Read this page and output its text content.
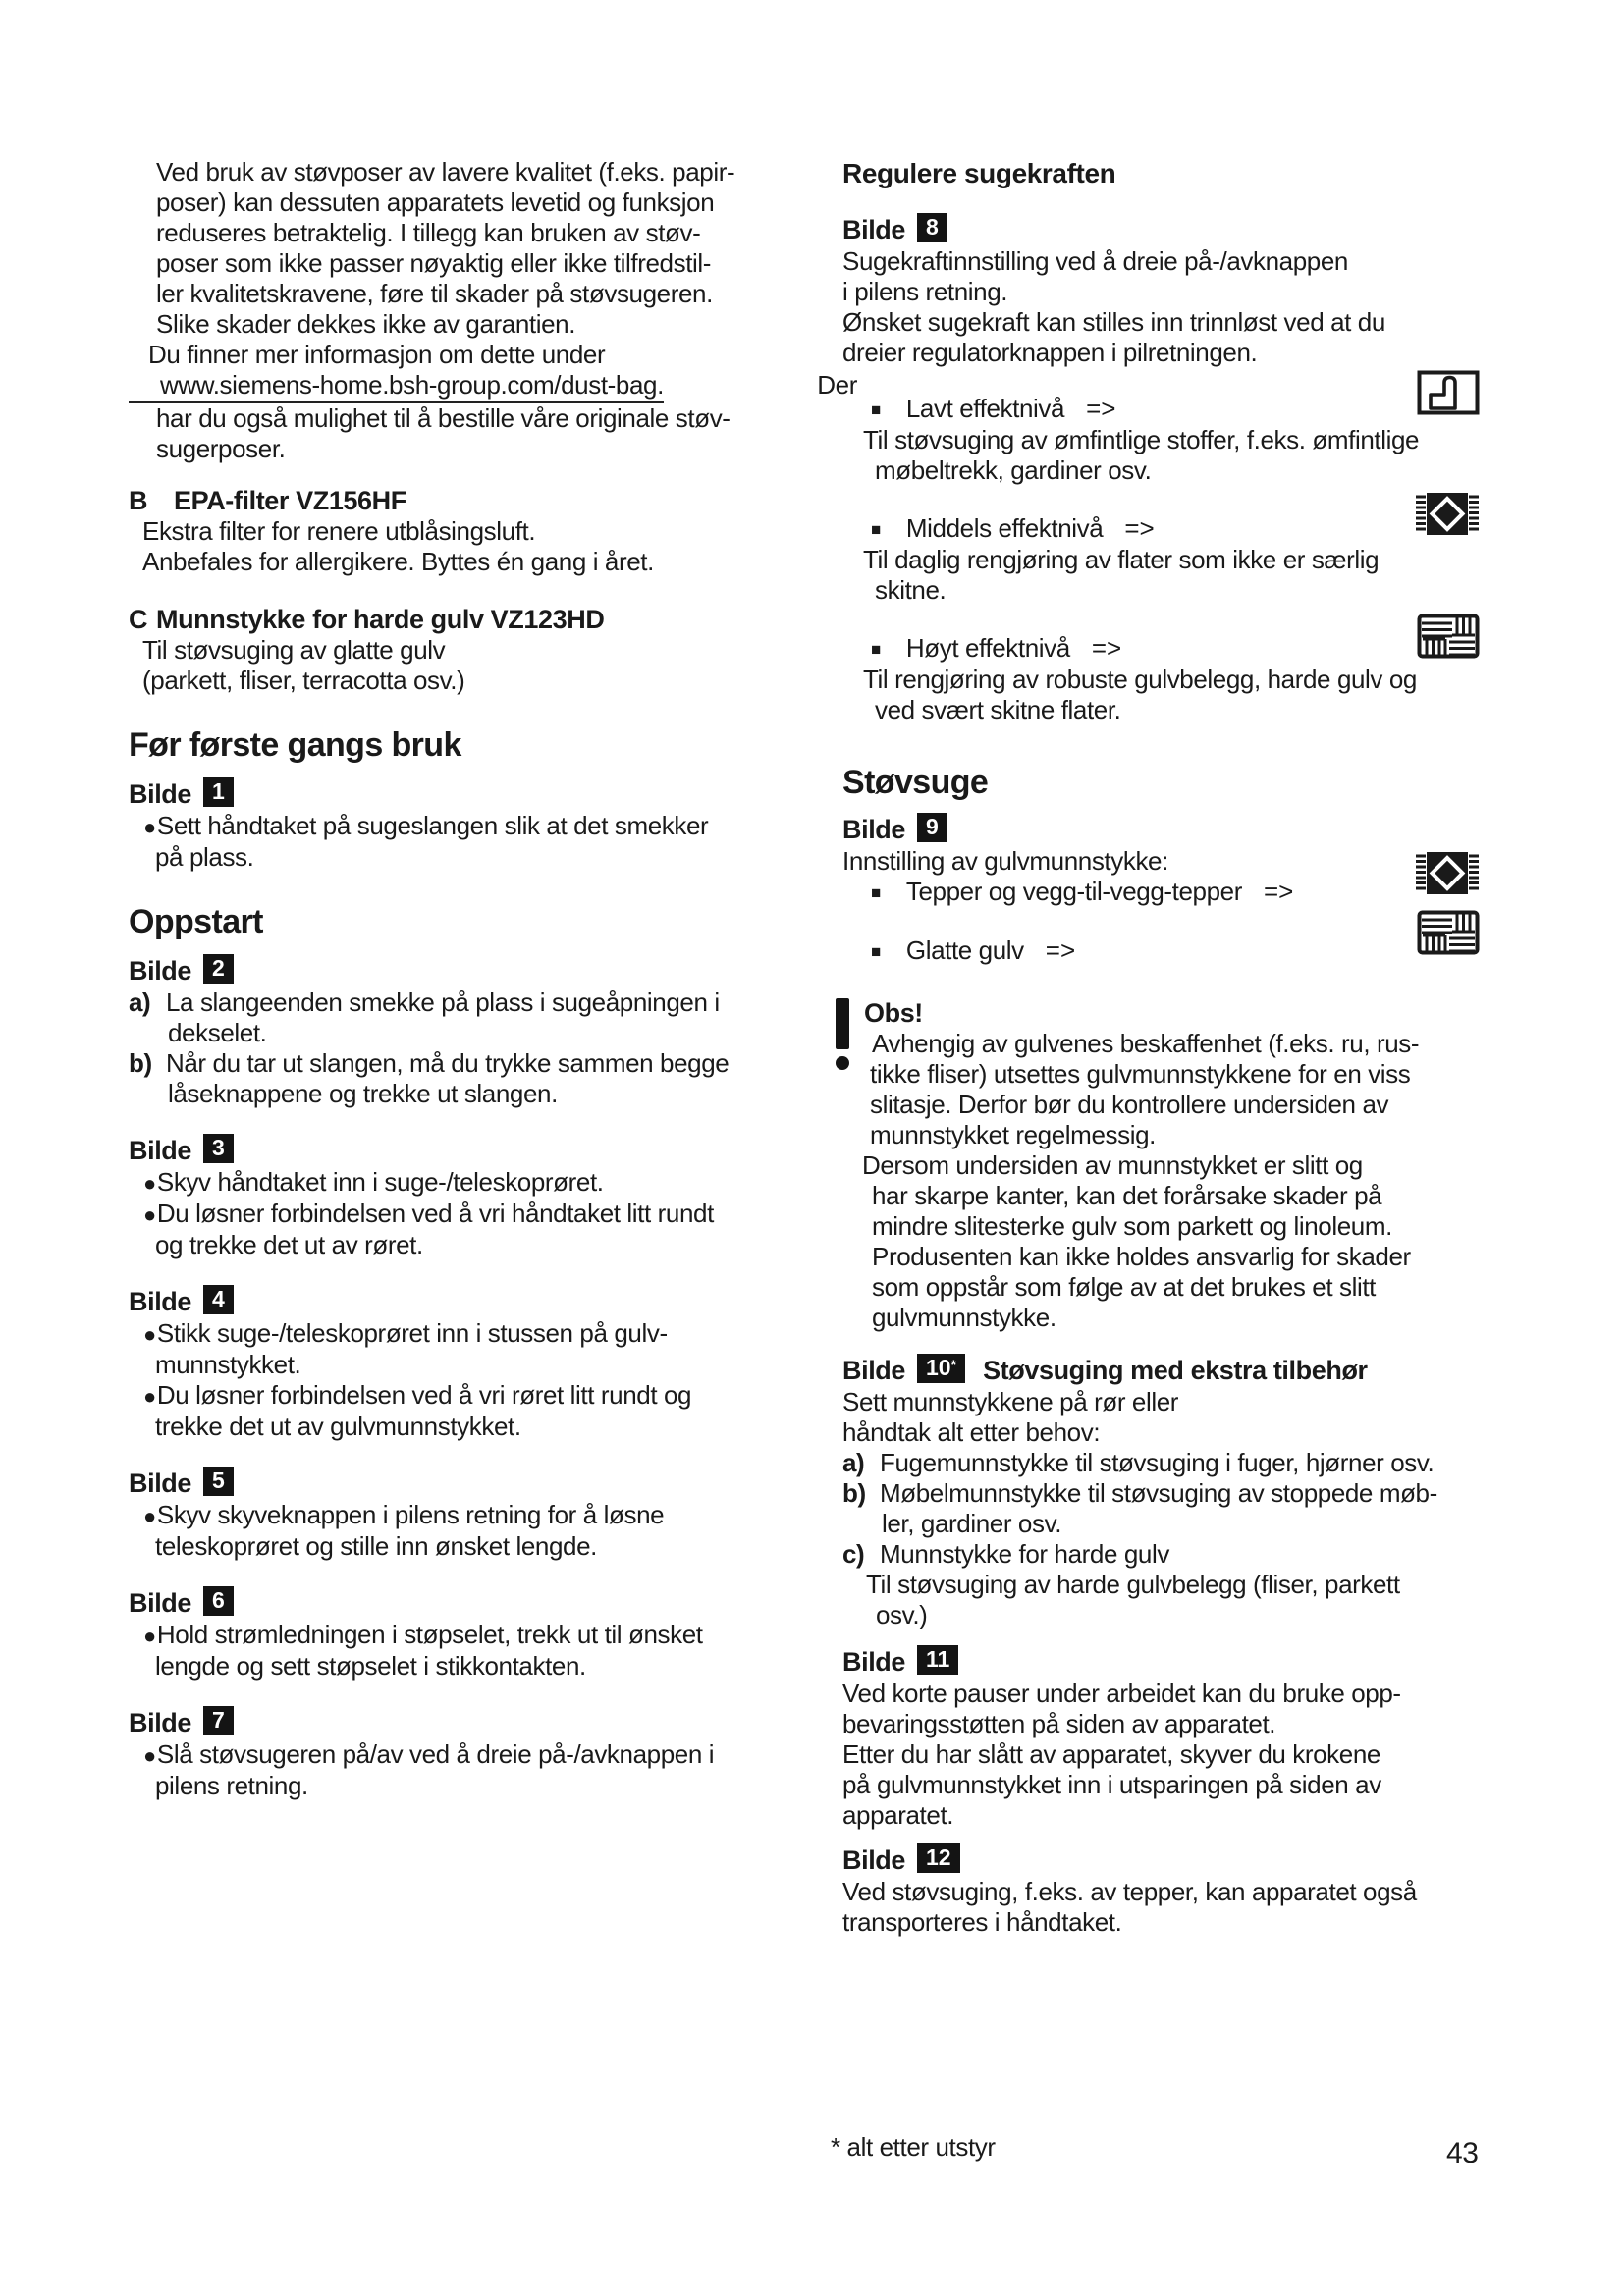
Ved bruk av støvposer av lavere kvalitet (f.eks. papir-
poser) kan dessuten apparatets levetid og funksjon
reduseres betraktelig. I tillegg kan bruken av støv-
poser som ikke passer nøyaktig eller ikke tilfredstil-
ler kvalitetskravene, føre til skader på støvsugeren.
Slike skader dekkes ikke av garantien.
Du finner mer informasjon om dette under
www.siemens-home.bsh-group.com/dust-bag.	Der
har du også mulighet til å bestille våre originale støv-
sugerposer.
B EPA-filter VZ156HF
Ekstra filter for renere utblåsingsluft.
Anbefales for allergikere. Byttes én gang i året.
C Munnstykke for harde gulv VZ123HD
Til støvsuging av glatte gulv
(parkett, fliser, terracotta osv.)
Før første gangs bruk
Bilde 1
●Sett håndtaket på sugeslangen slik at det smekker
på plass.
Oppstart
Bilde 2
a) La slangeenden smekke på plass i sugeåpningen i
dekselet.
b) Når du tar ut slangen, må du trykke sammen begge
låseknappene og trekke ut slangen.
Bilde 3
●Skyv håndtaket inn i suge-/teleskoprøret.
●Du løsner forbindelsen ved å vri håndtaket litt rundt
og trekke det ut av røret.
Bilde 4
●Stikk suge-/teleskoprøret inn i stussen på gulv-
munnstykket.
●Du løsner forbindelsen ved å vri røret litt rundt og
trekke det ut av gulvmunnstykket.
Bilde 5
●Skyv skyveknappen i pilens retning for å løsne
teleskoprøret og stille inn ønsket lengde.
Bilde 6
●Hold strømledningen i støpselet, trekk ut til ønsket
lengde og sett støpselet i stikkontakten.
Bilde 7
●Slå støvsugeren på/av ved å dreie på-/avknappen i
pilens retning.
Regulere sugekraften
Bilde 8
Sugekraftinnstilling ved å dreie på-/avknappen
i pilens retning.
Ønsket sugekraft kan stilles inn trinnløst ved at du
dreier regulatorknappen i pilretningen.
■ Lavt effektnivå =>
Til støvsuging av ømfintlige stoffer, f.eks. ømfintlige
møbeltrekk, gardiner osv.
■ Middels effektnivå =>
Til daglig rengjøring av flater som ikke er særlig
skitne.
■ Høyt effektnivå =>
Til rengjøring av robuste gulvbelegg, harde gulv og
ved svært skitne flater.
Støvsuge
Bilde 9
Innstilling av gulvmunnstykke:
■ Tepper og vegg-til-vegg-tepper =>
■ Glatte gulv =>
Obs!
Avhengig av gulvenes beskaffenhet (f.eks. ru, rus-
tikke fliser) utsettes gulvmunnstykkene for en viss
slitasje. Derfor bør du kontrollere undersiden av
munnstykket regelmessig.
Dersom undersiden av munnstykket er slitt og
har skarpe kanter, kan det forårsake skader på
mindre slitesterke gulv som parkett og linoleum.
Produsenten kan ikke holdes ansvarlig for skader
som oppstår som følge av at det brukes et slitt
gulvmunnstykke.
Bilde 10* Støvsuging med ekstra tilbehør
Sett munnstykkene på rør eller
håndtak alt etter behov:
a) Fugemunnstykke til støvsuging i fuger, hjørner osv.
b) Møbelmunnstykke til støvsuging av stoppede møb-
ler, gardiner osv.
c) Munnstykke for harde gulv
Til støvsuging av harde gulvbelegg (fliser, parkett
osv.)
Bilde 11
Ved korte pauser under arbeidet kan du bruke opp-
bevaringsstøtten på siden av apparatet.
Etter du har slått av apparatet, skyver du krokene
på gulvmunnstykket inn i utsparingen på siden av
apparatet.
Bilde 12
Ved støvsuging, f.eks. av tepper, kan apparatet også
transporteres i håndtaket.
* alt etter utstyr	43
